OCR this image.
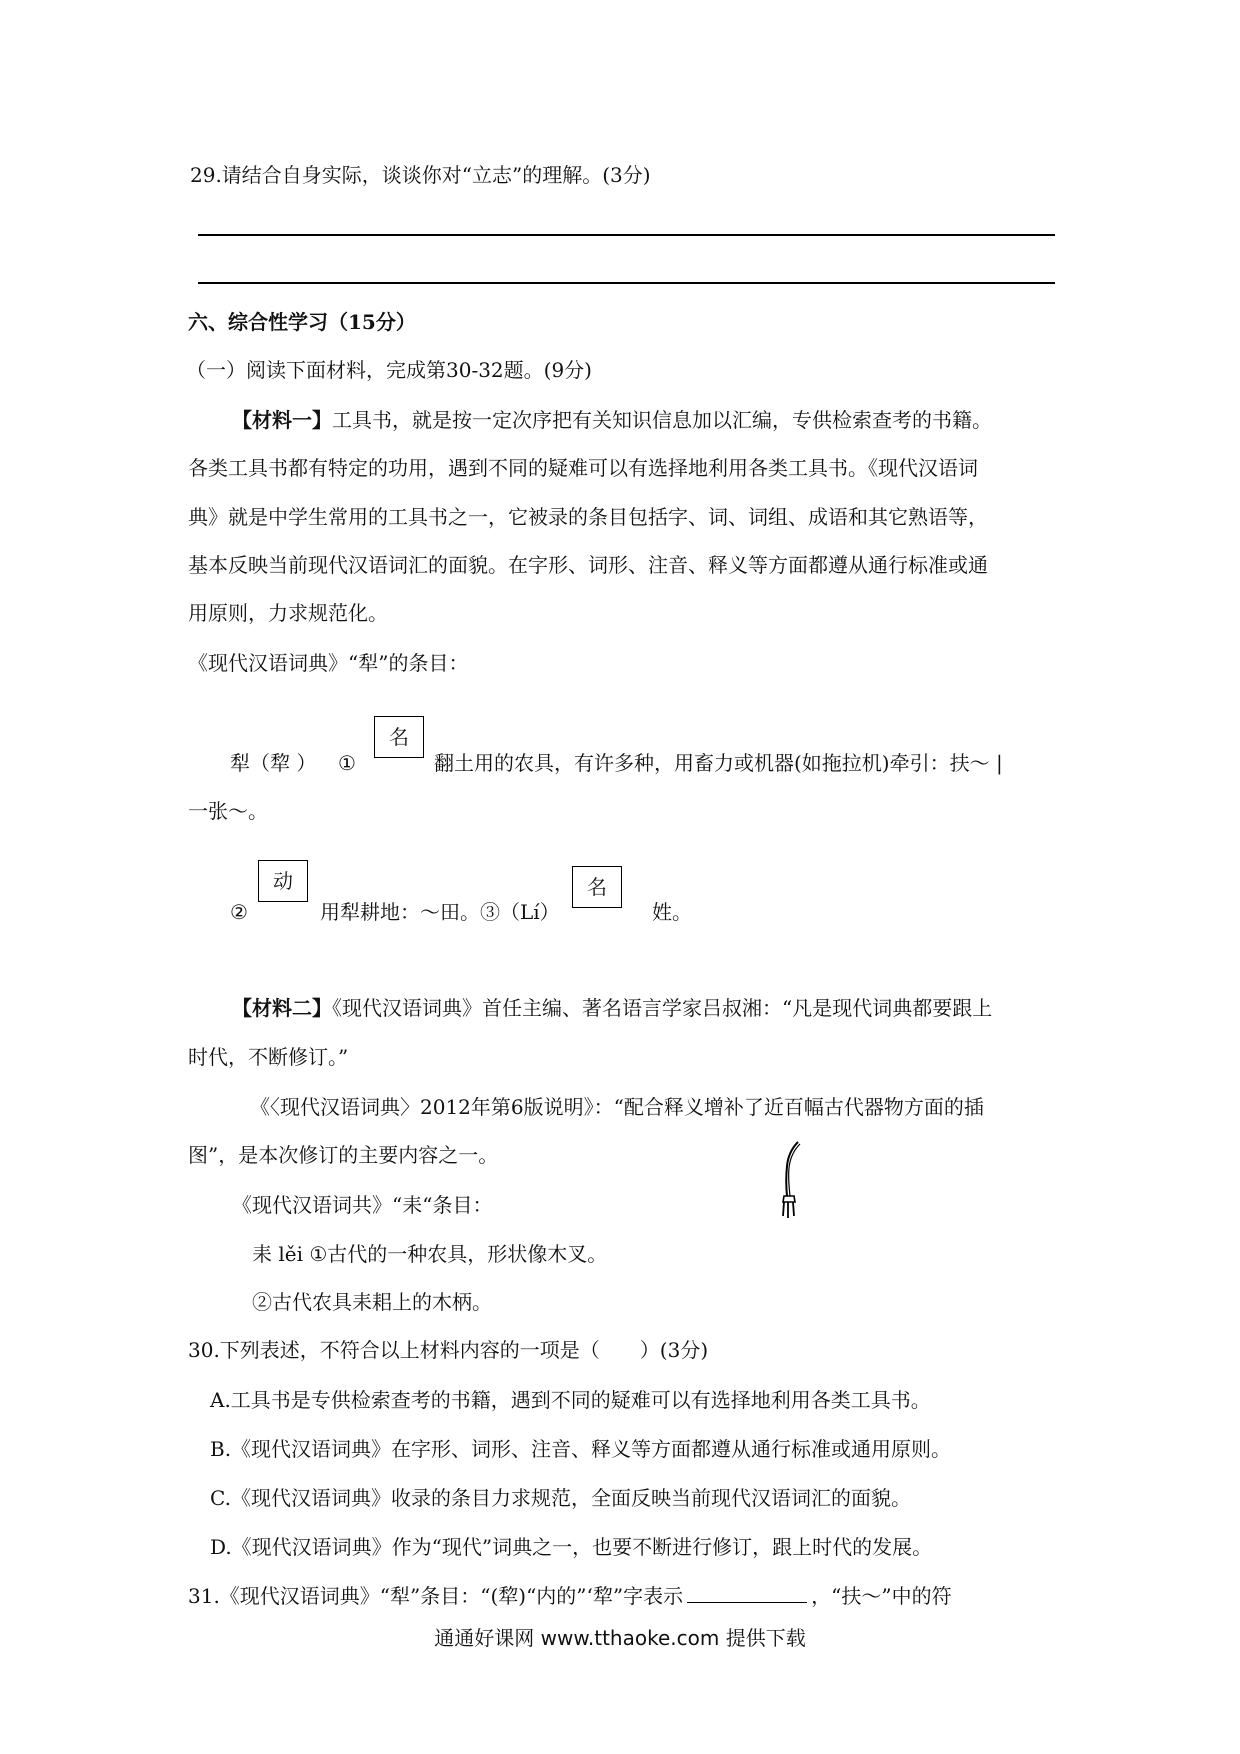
29.请结合自身实际，谈谈你对“立志”的理解。(3分)
六、综合性学习（15分）
（一）阅读下面材料，完成第30-32题。(9分)
【材料一】工具书，就是按一定次序把有关知识信息加以汇编，专供检索查考的书籍。
各类工具书都有特定的功用，遇到不同的疑难可以有选择地利用各类工具书。《现代汉语词
典》就是中学生常用的工具书之一，它被录的条目包括字、词、词组、成语和其它熟语等，
基本反映当前现代汉语词汇的面貌。在字形、词形、注音、释义等方面都遵从通行标准或通
用原则，力求规范化。
《现代汉语词典》“犁”的条目：
犁（犂 ） ①
名
翻土用的农具，有许多种，用畜力或机器(如拖拉机)牵引：扶～ |
一张～。
②
动
用犁耕地：～田。③（Lí）
名
姓。
【材料二】《现代汉语词典》首任主编、著名语言学家吕叔湘：“凡是现代词典都要跟上
时代，不断修订。”
《〈现代汉语词典〉2012年第6版说明》：“配合释义增补了近百幅古代器物方面的插
图”，是本次修订的主要内容之一。
《现代汉语词共》“耒“条目：
耒 lěi ①古代的一种农具，形状像木叉。
②古代农具耒耜上的木柄。
30.下列表述，不符合以上材料内容的一项是（　　）(3分)
A.工具书是专供检索查考的书籍，遇到不同的疑难可以有选择地利用各类工具书。
B.《现代汉语词典》在字形、词形、注音、释义等方面都遵从通行标准或通用原则。
C.《现代汉语词典》收录的条目力求规范，全面反映当前现代汉语词汇的面貌。
D.《现代汉语词典》作为“现代”词典之一，也要不断进行修订，跟上时代的发展。
31.《现代汉语词典》“犁”条目：“(犂)“内的”‘犂”字表示	，“扶～”中的符
通通好课网 www.tthaoke.com 提供下载
